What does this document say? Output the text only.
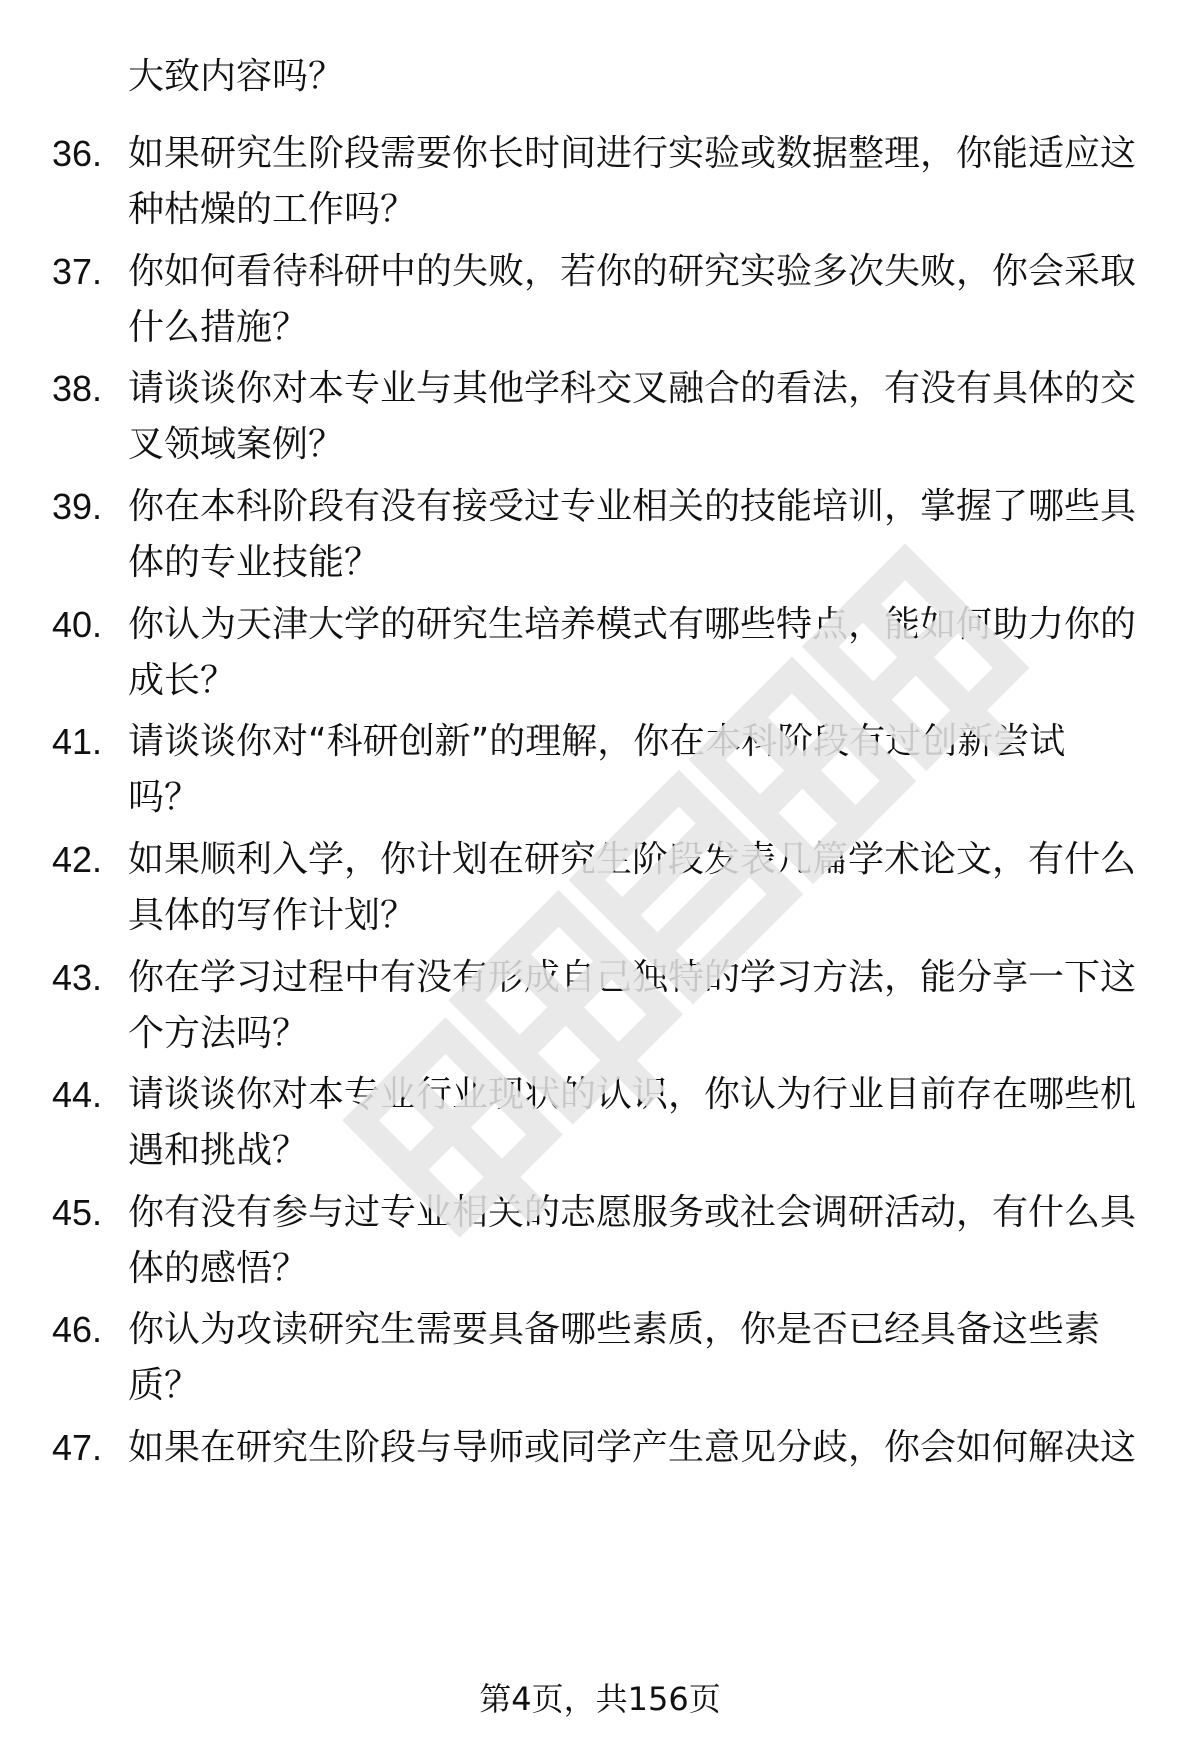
大致内容吗？
36. 如果研究生阶段需要你长时间进行实验或数据整理，你能适应这
种枯燥的工作吗？
37. 你如何看待科研中的失败，若你的研究实验多次失败，你会采取
什么措施？
38. 请谈谈你对本专业与其他学科交叉融合的看法，有没有具体的交
叉领域案例？
39. 你在本科阶段有没有接受过专业相关的技能培训，掌握了哪些具
体的专业技能？
40. 你认为天津大学的研究生培养模式有哪些特点，能如何助力你的
成长？
41. 请谈谈你对“科研创新”的理解，你在本科阶段有过创新尝试
吗？
42. 如果顺利入学，你计划在研究生阶段发表几篇学术论文，有什么
具体的写作计划？
43. 你在学习过程中有没有形成自己独特的学习方法，能分享一下这
个方法吗？
44. 请谈谈你对本专业行业现状的认识，你认为行业目前存在哪些机
遇和挑战？
45. 你有没有参与过专业相关的志愿服务或社会调研活动，有什么具
体的感悟？
46. 你认为攻读研究生需要具备哪些素质，你是否已经具备这些素
质？
47. 如果在研究生阶段与导师或同学产生意见分歧，你会如何解决这
第4页，共156页
